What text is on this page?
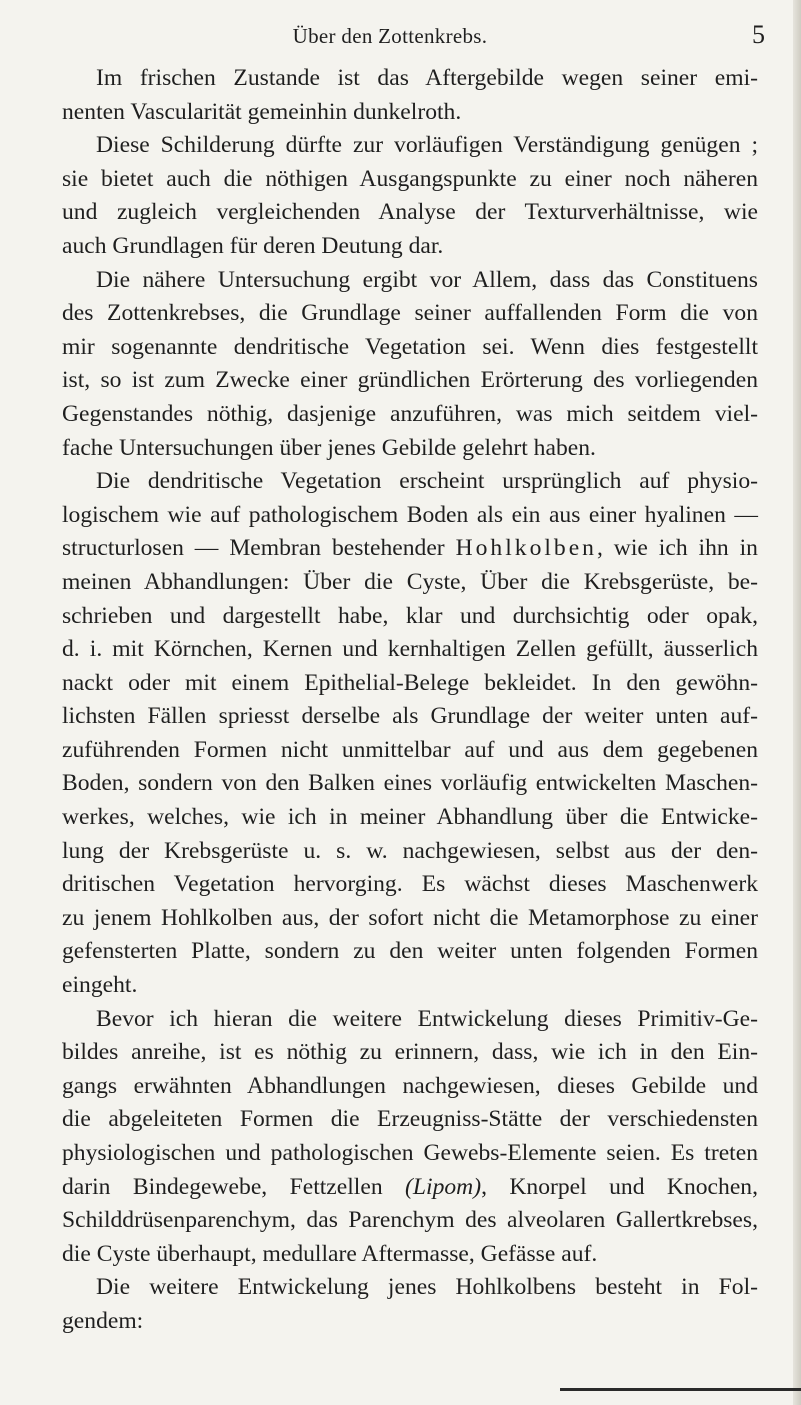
Über den Zottenkrebs.	5
Im frischen Zustande ist das Aftergebilde wegen seiner emi-
nenten Vascularität gemeinhin dunkelroth.
Diese Schilderung dürfte zur vorläufigen Verständigung genügen ;
sie bietet auch die nöthigen Ausgangspunkte zu einer noch näheren
und zugleich vergleichenden Analyse der Texturverhältnisse, wie
auch Grundlagen für deren Deutung dar.
Die nähere Untersuchung ergibt vor Allem, dass das Constituens
des Zottenkrebses, die Grundlage seiner auffallenden Form die von
mir sogenannte dendritische Vegetation sei. Wenn dies festgestellt
ist, so ist zum Zwecke einer gründlichen Erörterung des vorliegenden
Gegenstandes nöthig, dasjenige anzuführen, was mich seitdem viel-
fache Untersuchungen über jenes Gebilde gelehrt haben.
Die dendritische Vegetation erscheint ursprünglich auf physio-
logischem wie auf pathologischem Boden als ein aus einer hyalinen —
structurlosen — Membran bestehender Hohlkolben, wie ich ihn in
meinen Abhandlungen: Über die Cyste, Über die Krebsgerüste, be-
schrieben und dargestellt habe, klar und durchsichtig oder opak,
d. i. mit Körnchen, Kernen und kernhaltigen Zellen gefüllt, äusserlich
nackt oder mit einem Epithelial-Belege bekleidet. In den gewöhn-
lichsten Fällen spriesst derselbe als Grundlage der weiter unten auf-
zuführenden Formen nicht unmittelbar auf und aus dem gegebenen
Boden, sondern von den Balken eines vorläufig entwickelten Maschen-
werkes, welches, wie ich in meiner Abhandlung über die Entwicke-
lung der Krebsgerüste u. s. w. nachgewiesen, selbst aus der den-
dritischen Vegetation hervorging. Es wächst dieses Maschenwerk
zu jenem Hohlkolben aus, der sofort nicht die Metamorphose zu einer
gefensterten Platte, sondern zu den weiter unten folgenden Formen
eingeht.
Bevor ich hieran die weitere Entwickelung dieses Primitiv-Ge-
bildes anreihe, ist es nöthig zu erinnern, dass, wie ich in den Ein-
gangs erwähnten Abhandlungen nachgewiesen, dieses Gebilde und
die abgeleiteten Formen die Erzeugniss-Stätte der verschiedensten
physiologischen und pathologischen Gewebs-Elemente seien. Es treten
darin Bindegewebe, Fettzellen (Lipom), Knorpel und Knochen,
Schilddrüsenparenchym, das Parenchym des alveolaren Gallertkrebses,
die Cyste überhaupt, medullare Aftermasse, Gefässe auf.
Die weitere Entwickelung jenes Hohlkolbens besteht in Fol-
gendem:
